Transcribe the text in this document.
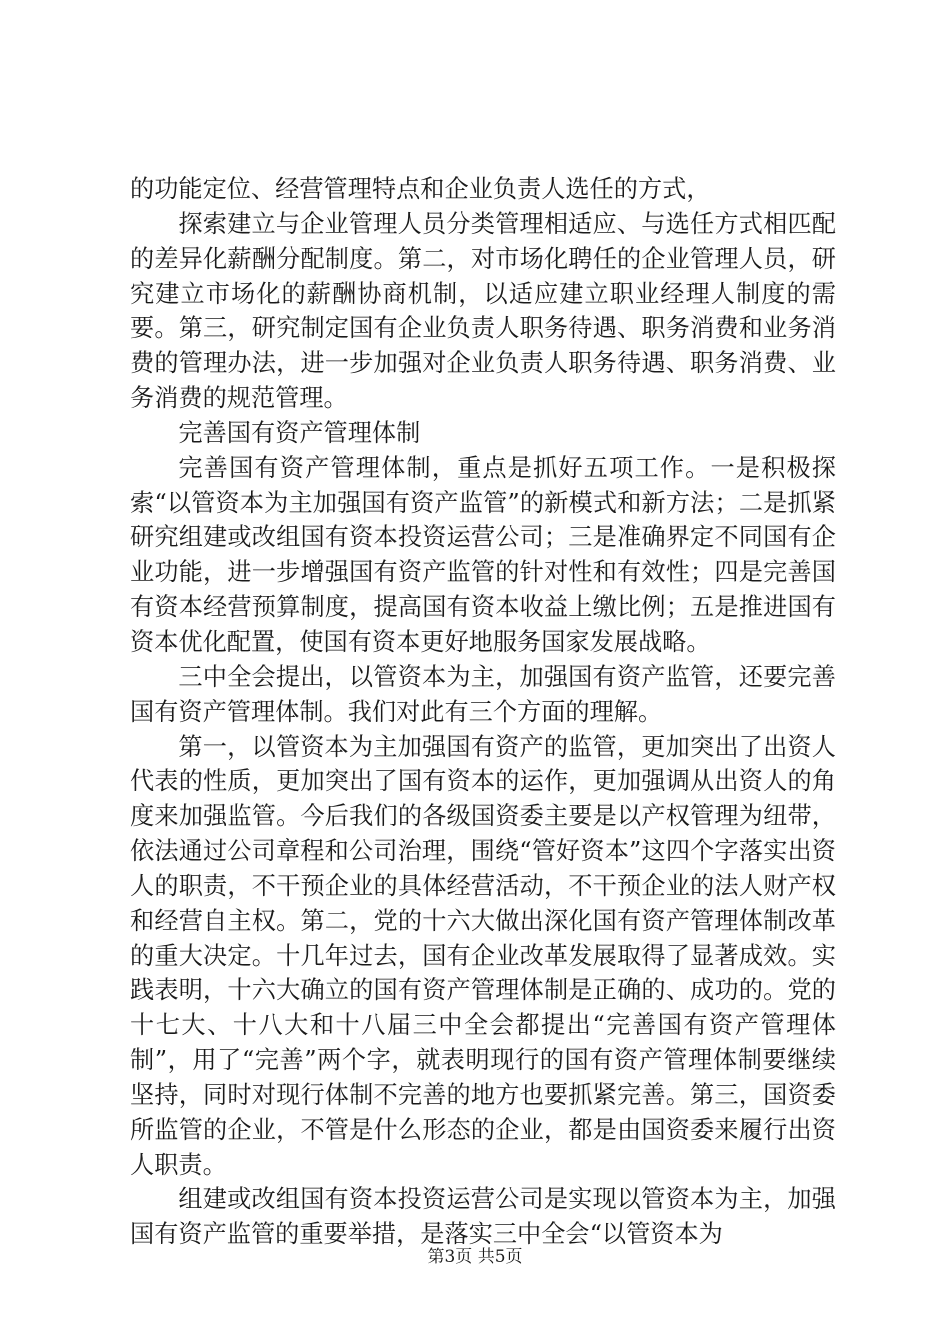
的功能定位、经营管理特点和企业负责人选任的方式，

探索建立与企业管理人员分类管理相适应、与选任方式相匹配的差异化薪酬分配制度。第二，对市场化聘任的企业管理人员，研究建立市场化的薪酬协商机制，以适应建立职业经理人制度的需要。第三，研究制定国有企业负责人职务待遇、职务消费和业务消费的管理办法，进一步加强对企业负责人职务待遇、职务消费、业务消费的规范管理。

完善国有资产管理体制

完善国有资产管理体制，重点是抓好五项工作。一是积极探索“以管资本为主加强国有资产监管”的新模式和新方法；二是抓紧研究组建或改组国有资本投资运营公司；三是准确界定不同国有企业功能，进一步增强国有资产监管的针对性和有效性；四是完善国有资本经营预算制度，提高国有资本收益上缴比例；五是推进国有资本优化配置，使国有资本更好地服务国家发展战略。

三中全会提出，以管资本为主，加强国有资产监管，还要完善国有资产管理体制。我们对此有三个方面的理解。

第一，以管资本为主加强国有资产的监管，更加突出了出资人代表的性质，更加突出了国有资本的运作，更加强调从出资人的角度来加强监管。今后我们的各级国资委主要是以产权管理为纽带，依法通过公司章程和公司治理，围绕“管好资本”这四个字落实出资人的职责，不干预企业的具体经营活动，不干预企业的法人财产权和经营自主权。第二，党的十六大做出深化国有资产管理体制改革的重大决定。十几年过去，国有企业改革发展取得了显著成效。实践表明，十六大确立的国有资产管理体制是正确的、成功的。党的十七大、十八大和十八届三中全会都提出“完善国有资产管理体制”，用了“完善”两个字，就表明现行的国有资产管理体制要继续坚持，同时对现行体制不完善的地方也要抓紧完善。第三，国资委所监管的企业，不管是什么形态的企业，都是由国资委来履行出资人职责。

组建或改组国有资本投资运营公司是实现以管资本为主，加强国有资产监管的重要举措，是落实三中全会“以管资本为

第3页 共5页
